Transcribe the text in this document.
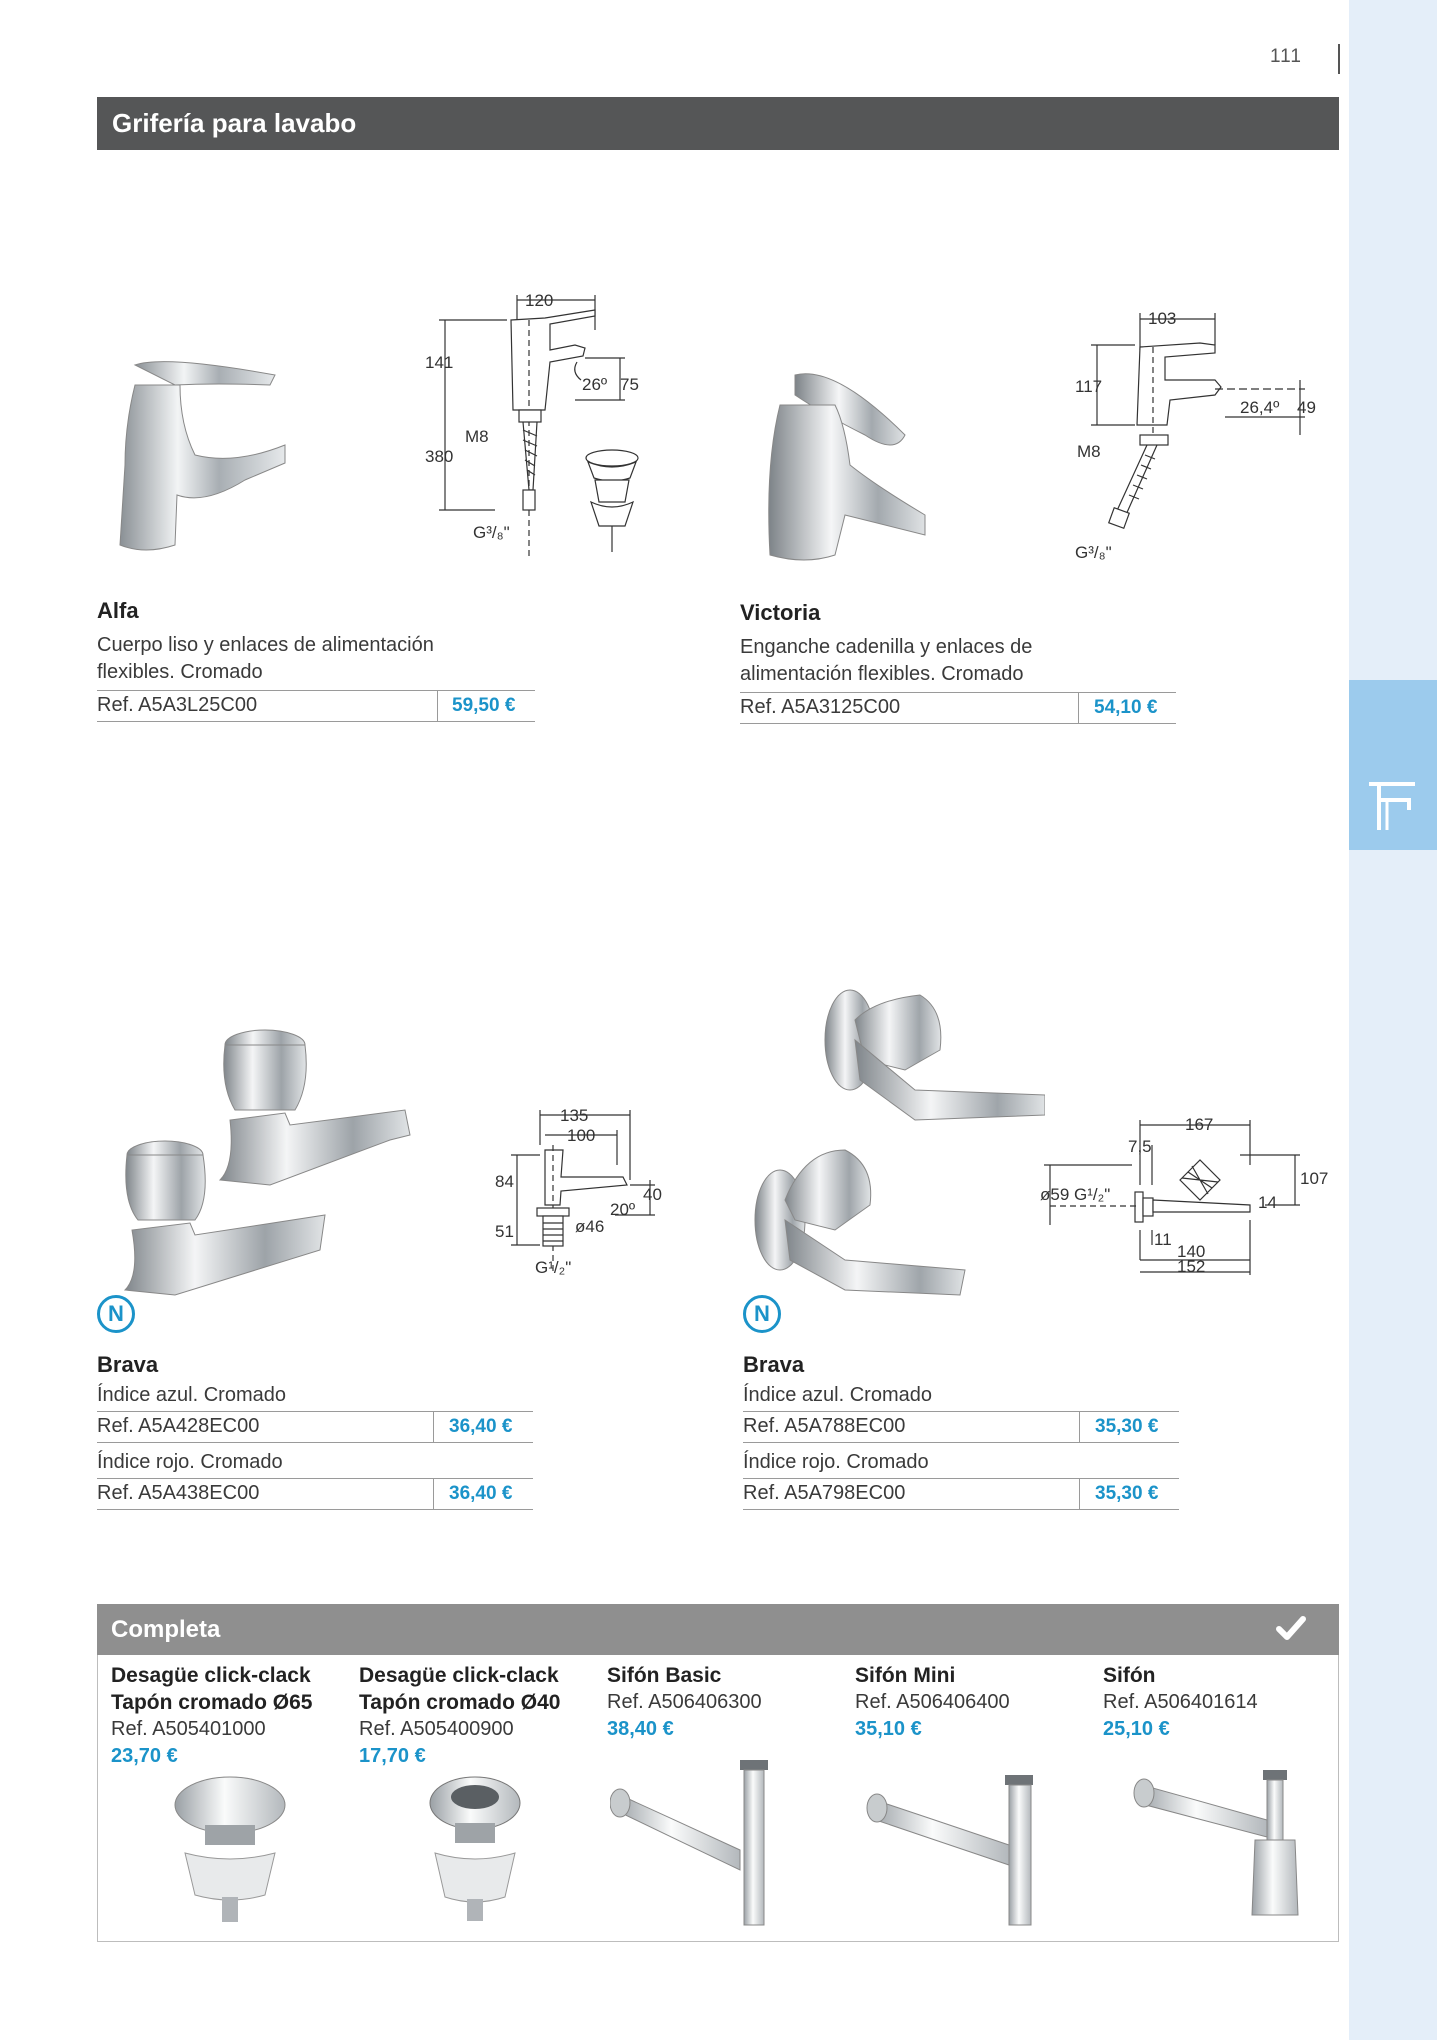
111
Grifería para lavabo
120
141
26º 75
M8
380
G³/₈"
Alfa
Cuerpo liso y enlaces de alimentación flexibles. Cromado
Ref. A5A3L25C00	59,50 €
103
117
26,4º 49
M8
G³/₈"
Victoria
Enganche cadenilla y enlaces de alimentación flexibles. Cromado
Ref. A5A3125C00	54,10 €
135
100
84
51
40
20º
ø46
G¹/₂"
N
Brava
Índice azul. Cromado
Ref. A5A428EC00	36,40 €
Índice rojo. Cromado
Ref. A5A438EC00	36,40 €
167
7,5
107
14
ø59 G¹/₂"
11
140
152
N
Brava
Índice azul. Cromado
Ref. A5A788EC00	35,30 €
Índice rojo. Cromado
Ref. A5A798EC00	35,30 €
Completa
Desagüe click-clack
Tapón cromado Ø65
Ref. A505401000
23,70 €
Desagüe click-clack
Tapón cromado Ø40
Ref. A505400900
17,70 €
Sifón Basic
Ref. A506406300
38,40 €
Sifón Mini
Ref. A506406400
35,10 €
Sifón
Ref. A506401614
25,10 €
